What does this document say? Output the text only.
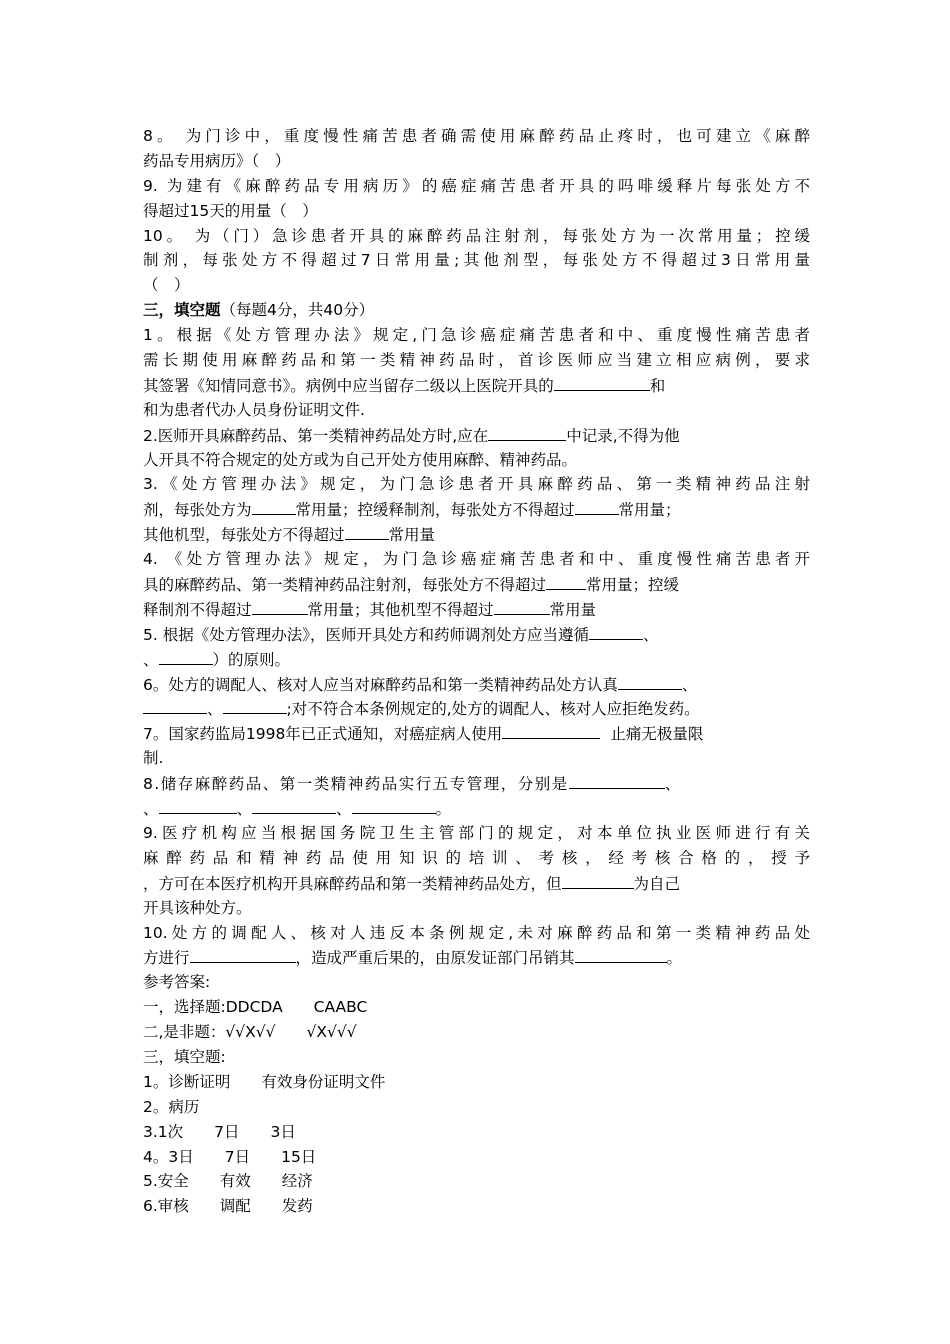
8。 为门诊中，重度慢性痛苦患者确需使用麻醉药品止疼时，也可建立《麻醉
药品专用病历》（　）
9. 为建有《麻醉药品专用病历》的癌症痛苦患者开具的吗啡缓释片每张处方不
得超过15天的用量（　）
10。 为（门）急诊患者开具的麻醉药品注射剂，每张处方为一次常用量；控缓
制剂，每张处方不得超过7日常用量;其他剂型，每张处方不得超过3日常用量
（　）
三，填空题（每题4分，共40分）
1。根据《处方管理办法》规定,门急诊癌症痛苦患者和中、重度慢性痛苦患者
需长期使用麻醉药品和第一类精神药品时，首诊医师应当建立相应病例，要求
其签署《知情同意书》。病例中应当留存二级以上医院开具的	和
和为患者代办人员身份证明文件.
2.医师开具麻醉药品、第一类精神药品处方时,应在	中记录,不得为他
人开具不符合规定的处方或为自己开处方使用麻醉、精神药品。
3.《处方管理办法》规定，为门急诊患者开具麻醉药品、第一类精神药品注射
剂，每张处方为	常用量；控缓释制剂，每张处方不得超过	常用量；
其他机型，每张处方不得超过	常用量
4. 《处方管理办法》规定，为门急诊癌症痛苦患者和中、重度慢性痛苦患者开
具的麻醉药品、第一类精神药品注射剂，每张处方不得超过	常用量；控缓
释制剂不得超过	常用量；其他机型不得超过	常用量
5. 根据《处方管理办法》，医师开具处方和药师调剂处方应当遵循	、
、	）的原则。
6。处方的调配人、核对人应当对麻醉药品和第一类精神药品处方认真	、
、	;对不符合本条例规定的,处方的调配人、核对人应拒绝发药。
7。国家药监局1998年已正式通知，对癌症病人使用	止痛无极量限
制.
8.储存麻醉药品、第一类精神药品实行五专管理，分别是	、
、	、	、	。
9.医疗机构应当根据国务院卫生主管部门的规定，对本单位执业医师进行有关
麻醉药品和精神药品使用知识的培训、考核，经考核合格的，授予
，方可在本医疗机构开具麻醉药品和第一类精神药品处方，但	为自己
开具该种处方。
10.处方的调配人、核对人违反本条例规定,未对麻醉药品和第一类精神药品处
方进行	，造成严重后果的，由原发证部门吊销其	。
参考答案:
一，选择题:DDCDA　　CAABC
二,是非题：√√X√√　　√X√√√
三，填空题:
1。诊断证明　　有效身份证明文件
2。病历
3.1次　　7日　　3日
4。3日　　7日　　15日
5.安全　　有效　　经济
6.审核　　调配　　发药
